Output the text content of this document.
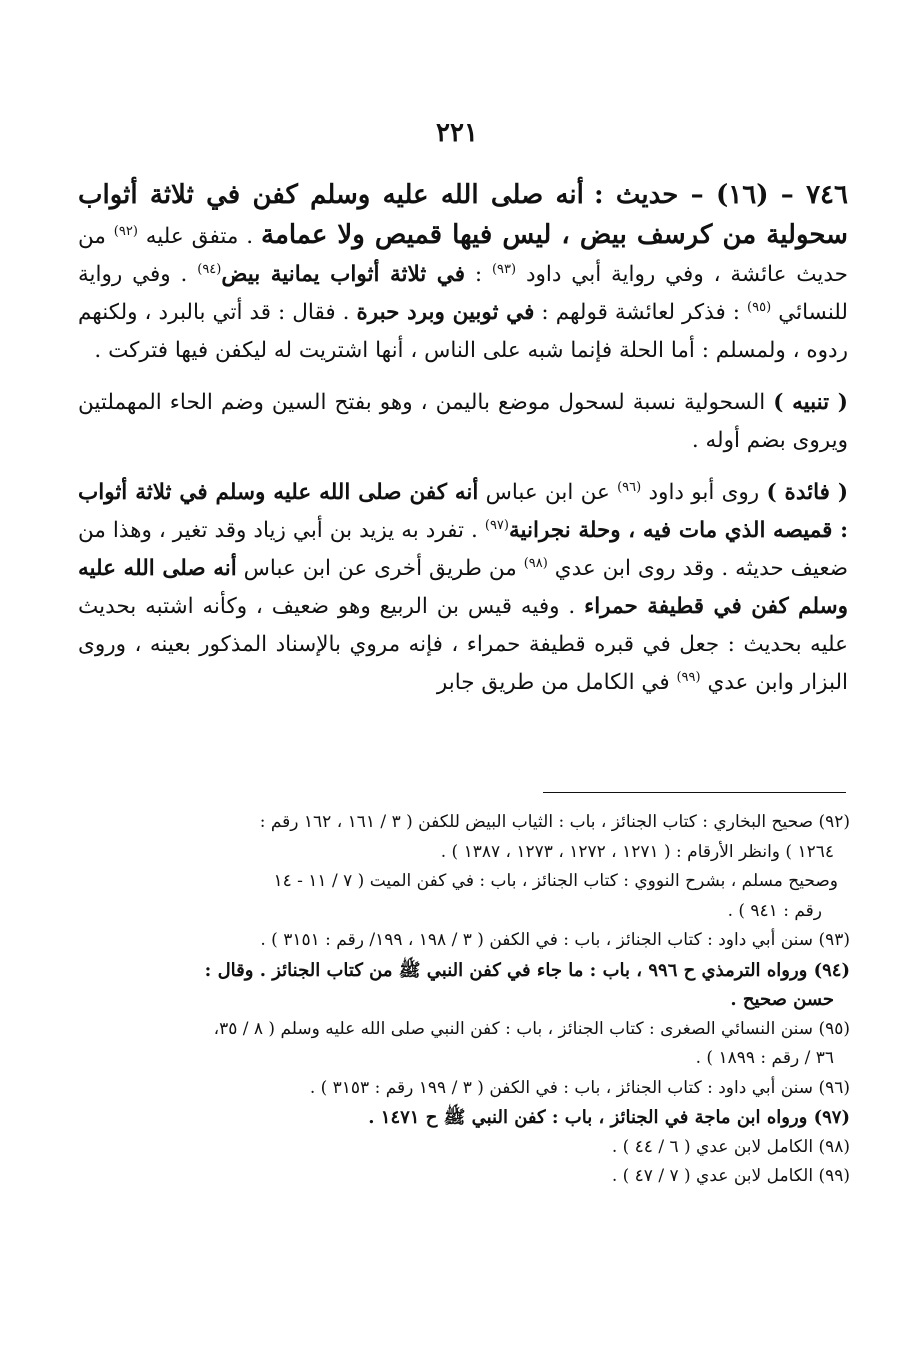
٢٢١

٧٤٦ – (١٦) – حديث : أنه صلى الله عليه وسلم كفن في ثلاثة أثواب سحولية من كرسف بيض ، ليس فيها قميص ولا عمامة . متفق عليه $^{(٩٢)}$ من حديث عائشة ، وفي رواية أبي داود $^{(٩٣)}$ : في ثلاثة أثواب يمانية بيض$^{(٩٤)}$ . وفي رواية للنسائي $^{(٩٥)}$ : فذكر لعائشة قولهم : في ثوبين وبرد حبرة . فقال : قد أتي بالبرد ، ولكنهم ردوه ، ولمسلم : أما الحلة فإنما شبه على الناس ، أنها اشتريت له ليكفن فيها فتركت .

( تنبيه ) السحولية نسبة لسحول موضع باليمن ، وهو بفتح السين وضم الحاء المهملتين ويروى بضم أوله .

( فائدة ) روى أبو داود $^{(٩٦)}$ عن ابن عباس أنه كفن صلى الله عليه وسلم في ثلاثة أثواب : قميصه الذي مات فيه ، وحلة نجرانية$^{(٩٧)}$ . تفرد به يزيد بن أبي زياد وقد تغير ، وهذا من ضعيف حديثه . وقد روى ابن عدي $^{(٩٨)}$ من طريق أخرى عن ابن عباس أنه صلى الله عليه وسلم كفن في قطيفة حمراء . وفيه قيس بن الربيع وهو ضعيف ، وكأنه اشتبه بحديث عليه بحديث : جعل في قبره قطيفة حمراء ، فإنه مروي بالإسناد المذكور بعينه ، وروى البزار وابن عدي $^{(٩٩)}$ في الكامل من طريق جابر

(٩٢) صحيح البخاري : كتاب الجنائز ، باب : الثياب البيض للكفن ( ٣ / ١٦١ ، ١٦٢ رقم :
١٢٦٤ ) وانظر الأرقام : ( ١٢٧١ ، ١٢٧٢ ، ١٢٧٣ ، ١٣٨٧ ) .

وصحيح مسلم ، بشرح النووي : كتاب الجنائز ، باب : في كفن الميت ( ٧ / ١١ - ١٤
رقم : ٩٤١ ) .

(٩٣) سنن أبي داود : كتاب الجنائز ، باب : في الكفن ( ٣ / ١٩٨ ، ١٩٩/ رقم : ٣١٥١ ) .

(٩٤) ورواه الترمذي ح ٩٩٦ ، باب : ما جاء في كفن النبي ﷺ من كتاب الجنائز . وقال :
حسن صحيح .

(٩٥) سنن النسائي الصغرى : كتاب الجنائز ، باب : كفن النبي صلى الله عليه وسلم ( ٨ / ٣٥،
٣٦ / رقم : ١٨٩٩ ) .

(٩٦) سنن أبي داود : كتاب الجنائز ، باب : في الكفن ( ٣ / ١٩٩ رقم : ٣١٥٣ ) .

(٩٧) ورواه ابن ماجة في الجنائز ، باب : كفن النبي ﷺ ح ١٤٧١ .

(٩٨) الكامل لابن عدي ( ٦ / ٤٤ ) .

(٩٩) الكامل لابن عدي ( ٧ / ٤٧ ) .
